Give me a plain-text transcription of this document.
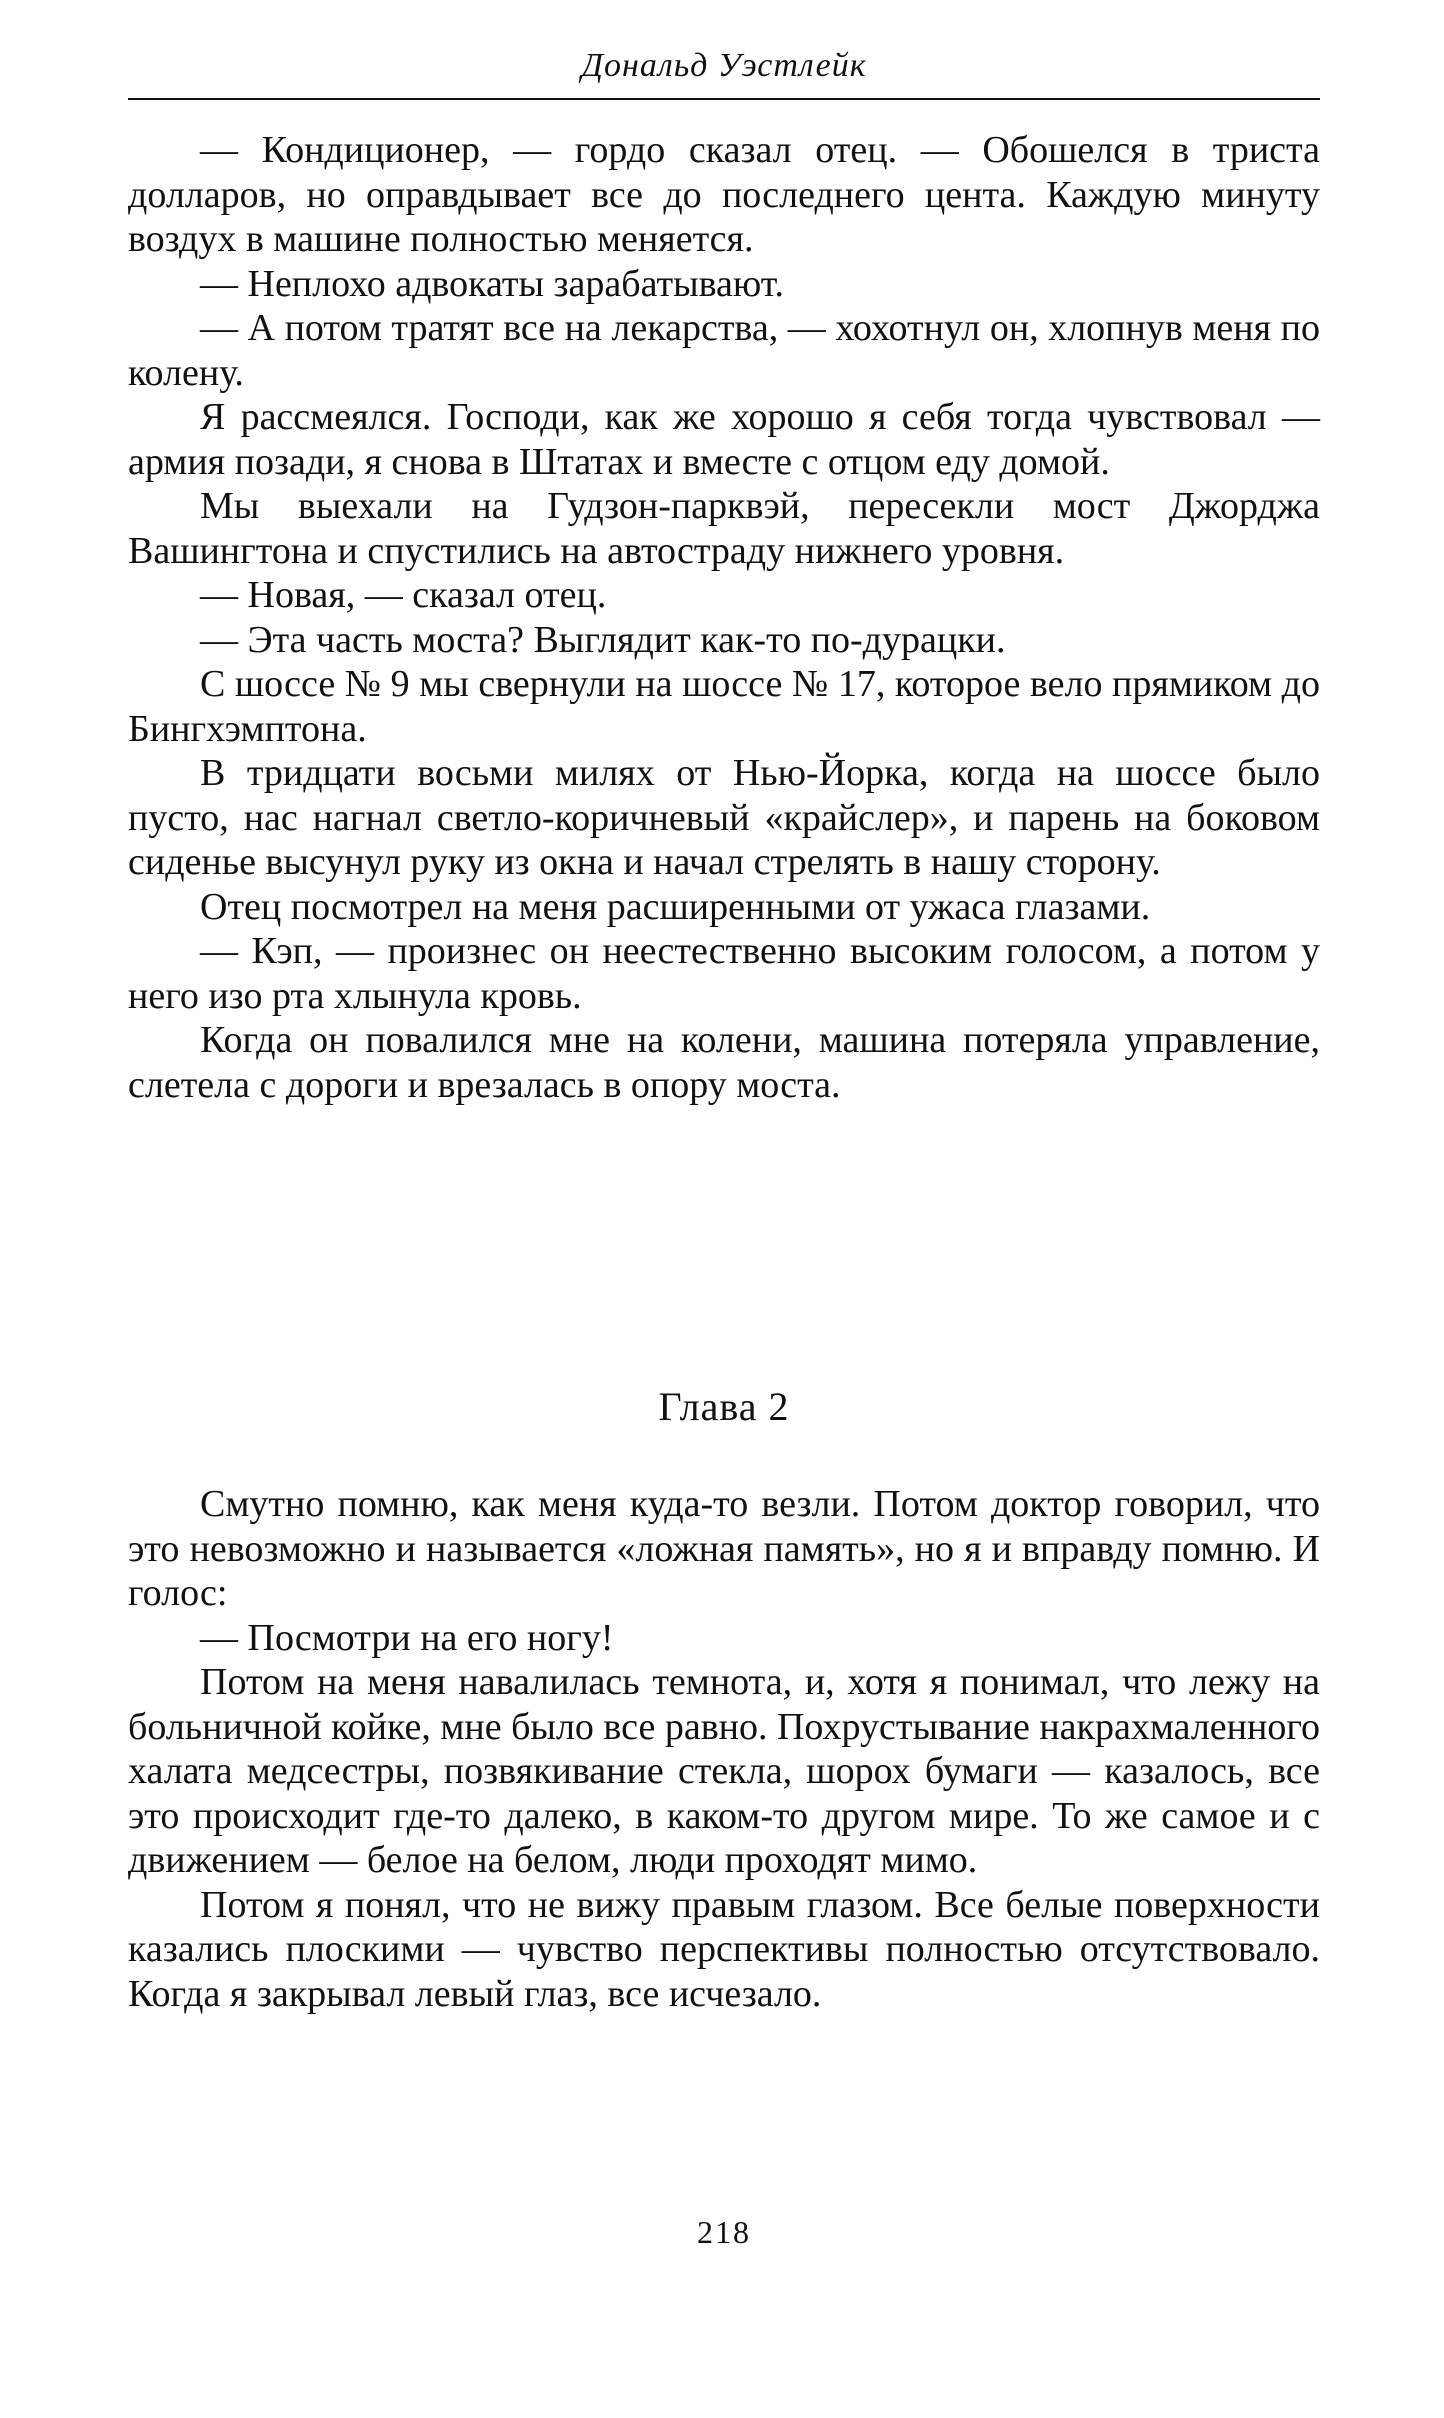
Дональд Уэстлейк

— Кондиционер, — гордо сказал отец. — Обошелся в триста долларов, но оправдывает все до последнего цента. Каждую минуту воздух в машине полностью меняется.

— Неплохо адвокаты зарабатывают.

— А потом тратят все на лекарства, — хохотнул он, хлопнув меня по колену.

Я рассмеялся. Господи, как же хорошо я себя тогда чувствовал — армия позади, я снова в Штатах и вместе с отцом еду домой.

Мы выехали на Гудзон-парквэй, пересекли мост Джорджа Вашингтона и спустились на автостраду нижнего уровня.

— Новая, — сказал отец.

— Эта часть моста? Выглядит как-то по-дурацки.

С шоссе № 9 мы свернули на шоссе № 17, которое вело прямиком до Бингхэмптона.

В тридцати восьми милях от Нью-Йорка, когда на шоссе было пусто, нас нагнал светло-коричневый «крайслер», и парень на боковом сиденье высунул руку из окна и начал стрелять в нашу сторону.

Отец посмотрел на меня расширенными от ужаса глазами.

— Кэп, — произнес он неестественно высоким голосом, а потом у него изо рта хлынула кровь.

Когда он повалился мне на колени, машина потеряла управление, слетела с дороги и врезалась в опору моста.

Глава 2

Смутно помню, как меня куда-то везли. Потом доктор говорил, что это невозможно и называется «ложная память», но я и вправду помню. И голос:

— Посмотри на его ногу!

Потом на меня навалилась темнота, и, хотя я понимал, что лежу на больничной койке, мне было все равно. Похрустывание накрахмаленного халата медсестры, позвякивание стекла, шорох бумаги — казалось, все это происходит где-то далеко, в каком-то другом мире. То же самое и с движением — белое на белом, люди проходят мимо.

Потом я понял, что не вижу правым глазом. Все белые поверхности казались плоскими — чувство перспективы полностью отсутствовало. Когда я закрывал левый глаз, все исчезало.

218
